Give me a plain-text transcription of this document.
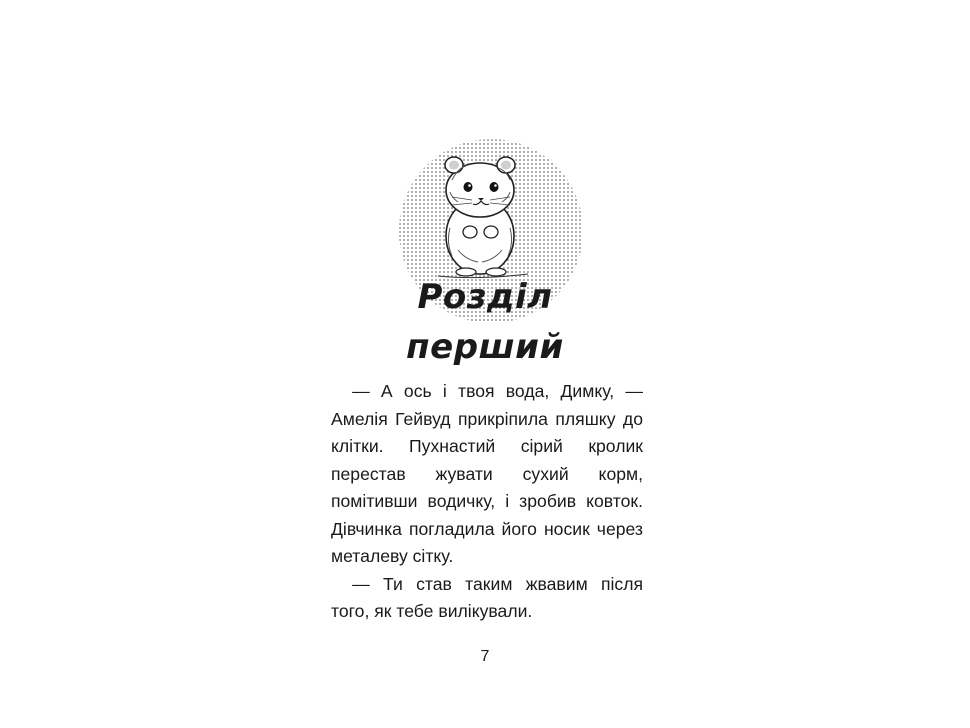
Розділ перший

— А ось і твоя вода, Димку, — Амелія Гейвуд прикріпила пляшку до клітки. Пухнастий сірий кролик перестав жувати сухий корм, помітивши водичку, і зробив ковток. Дівчинка погладила його носик через металеву сітку.

— Ти став таким жвавим після того, як тебе вилікували.

7
